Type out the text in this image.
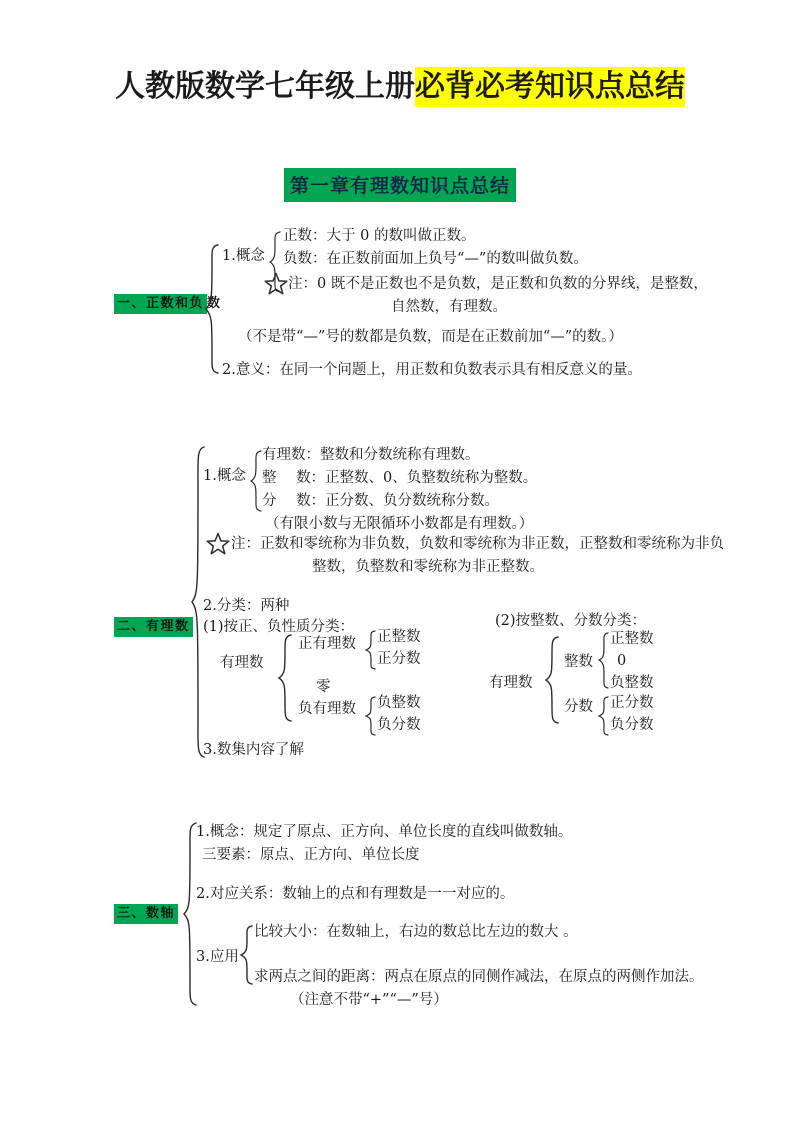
人教版数学七年级上册必背必考知识点总结
第一章有理数知识点总结
一、正数和负 数
1.概念
正数：大于 0 的数叫做正数。
负数：在正数前面加上负号“—”的数叫做负数。
注：0 既不是正数也不是负数，是正数和负数的分界线，是整数，
自然数，有理数。
（不是带“—”号的数都是负数，而是在正数前加“—”的数。）
2.意义：在同一个问题上，用正数和负数表示具有相反意义的量。
二、有理数
1.概念
有理数：整数和分数统称有理数。
整 数：正整数、0、负整数统称为整数。
分 数：正分数、负分数统称分数。
（有限小数与无限循环小数都是有理数。）
注：正数和零统称为非负数，负数和零统称为非正数，正整数和零统称为非负
整数，负整数和零统称为非正整数。
2.分类：两种
(1)按正、负性质分类：	(2)按整数、分数分类：
3.数集内容了解
有理数
正有理数
零
负有理数
正整数
正分数
负整数
负分数
有理数
整数
分数
正整数
0
负整数
正分数
负分数
三、数轴
1.概念：规定了原点、正方向、单位长度的直线叫做数轴。
三要素：原点、正方向、单位长度
2.对应关系：数轴上的点和有理数是一一对应的。
3.应用
比较大小：在数轴上，右边的数总比左边的数大 。
求两点之间的距离：两点在原点的同侧作减法，在原点的两侧作加法。
（注意不带“+”“—”号）
